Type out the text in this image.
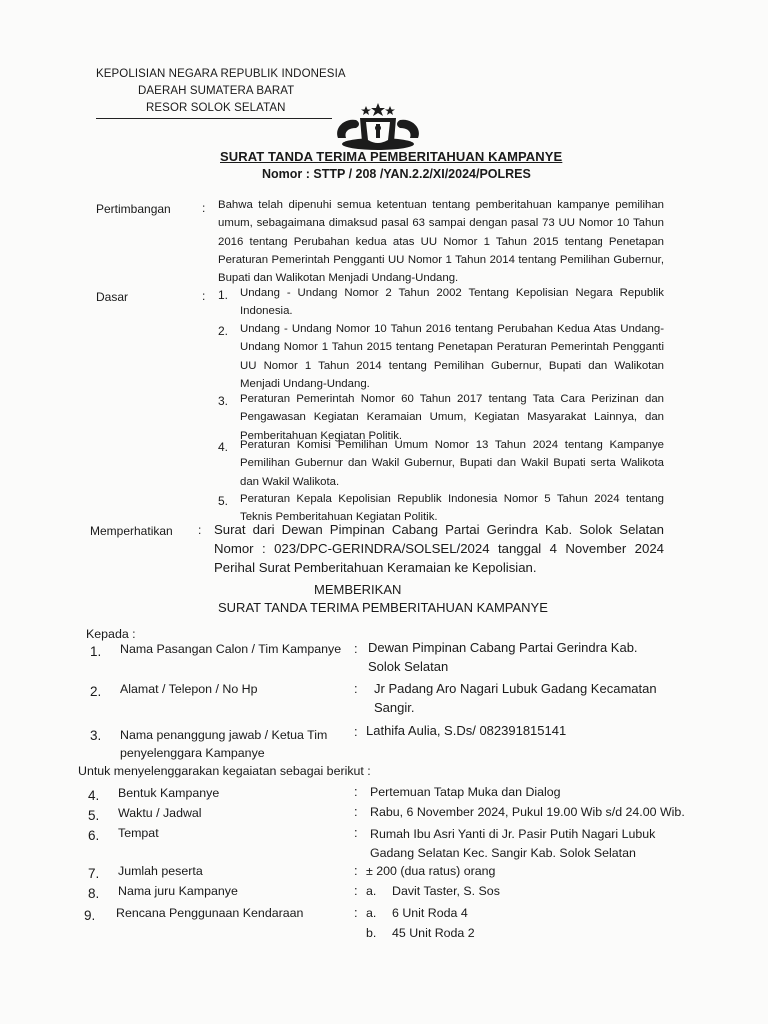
KEPOLISIAN NEGARA REPUBLIK INDONESIA
DAERAH SUMATERA BARAT
RESOR SOLOK SELATAN
SURAT TANDA TERIMA PEMBERITAHUAN KAMPANYE
Nomor : STTP / 208 /YAN.2.2/XI/2024/POLRES
Pertimbangan	: Bahwa telah dipenuhi semua ketentuan tentang pemberitahuan kampanye pemilihan umum, sebagaimana dimaksud pasal 63 sampai dengan pasal 73 UU Nomor 10 Tahun 2016 tentang Perubahan kedua atas UU Nomor 1 Tahun 2015 tentang Penetapan Peraturan Pemerintah Pengganti UU Nomor 1 Tahun 2014 tentang Pemilihan Gubernur, Bupati dan Walikotan Menjadi Undang-Undang.
Dasar	: 1. Undang - Undang Nomor 2 Tahun 2002 Tentang Kepolisian Negara Republik Indonesia.
2. Undang - Undang Nomor 10 Tahun 2016 tentang Perubahan Kedua Atas Undang-Undang Nomor 1 Tahun 2015 tentang Penetapan Peraturan Pemerintah Pengganti UU Nomor 1 Tahun 2014 tentang Pemilihan Gubernur, Bupati dan Walikotan Menjadi Undang-Undang.
3. Peraturan Pemerintah Nomor 60 Tahun 2017 tentang Tata Cara Perizinan dan Pengawasan Kegiatan Keramaian Umum, Kegiatan Masyarakat Lainnya, dan Pemberitahuan Kegiatan Politik.
4. Peraturan Komisi Pemilihan Umum Nomor 13 Tahun 2024 tentang Kampanye Pemilihan Gubernur dan Wakil Gubernur, Bupati dan Wakil Bupati serta Walikota dan Wakil Walikota.
5. Peraturan Kepala Kepolisian Republik Indonesia Nomor 5 Tahun 2024 tentang Teknis Pemberitahuan Kegiatan Politik.
Memperhatikan : Surat dari Dewan Pimpinan Cabang Partai Gerindra Kab. Solok Selatan Nomor : 023/DPC-GERINDRA/SOLSEL/2024 tanggal 4 November 2024 Perihal Surat Pemberitahuan Keramaian ke Kepolisian.
MEMBERIKAN
SURAT TANDA TERIMA PEMBERITAHUAN KAMPANYE
Kepada :
1. Nama Pasangan Calon / Tim Kampanye : Dewan Pimpinan Cabang Partai Gerindra Kab. Solok Selatan
2. Alamat / Telepon / No Hp	: Jr Padang Aro Nagari Lubuk Gadang Kecamatan Sangir.
3. Nama penanggung jawab / Ketua Tim penyelenggara Kampanye
: Lathifa Aulia, S.Ds/ 082391815141
Untuk menyelenggarakan kegaiatan sebagai berikut :
4. Bentuk Kampanye	: Pertemuan Tatap Muka dan Dialog
5. Waktu / Jadwal	: Rabu, 6 November 2024, Pukul 19.00 Wib s/d 24.00 Wib.
6. Tempat	: Rumah Ibu Asri Yanti di Jr. Pasir Putih Nagari Lubuk Gadang Selatan Kec. Sangir Kab. Solok Selatan
7. Jumlah peserta	: ± 200 (dua ratus) orang
8. Nama juru Kampanye	: a. Davit Taster, S. Sos
9. Rencana Penggunaan Kendaraan	: a. 6 Unit Roda 4
b. 45 Unit Roda 2
